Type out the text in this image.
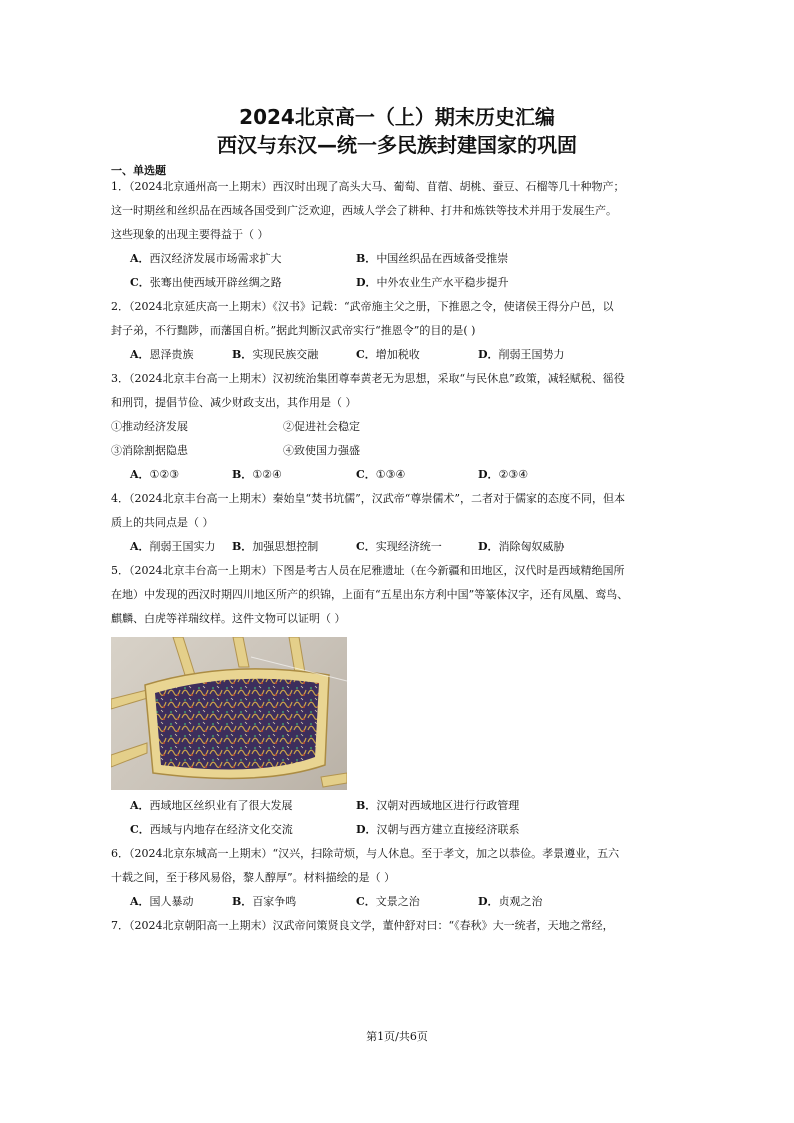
2024北京高一（上）期末历史汇编
西汉与东汉—统一多民族封建国家的巩固
一、单选题
1．（2024北京通州高一上期末）西汉时出现了高头大马、葡萄、苜蓿、胡桃、蚕豆、石榴等几十种物产；
这一时期丝和丝织品在西域各国受到广泛欢迎，西域人学会了耕种、打井和炼铁等技术并用于发展生产。
这些现象的出现主要得益于（ ）
A．西汉经济发展市场需求扩大	B．中国丝织品在西域备受推崇
C．张骞出使西域开辟丝绸之路	D．中外农业生产水平稳步提升
2．（2024北京延庆高一上期末）《汉书》记载：“武帝施主父之册，下推恩之令，使诸侯王得分户邑，以
封子弟，不行黜陟，而藩国自析。”据此判断汉武帝实行“推恩令”的目的是( )
A．恩泽贵族	B．实现民族交融	C．增加税收	D．削弱王国势力
3．（2024北京丰台高一上期末）汉初统治集团尊奉黄老无为思想，采取“与民休息”政策，减轻赋税、徭役
和刑罚，提倡节俭、减少财政支出，其作用是（ ）
①推动经济发展	②促进社会稳定
③消除割据隐患	④致使国力强盛
A．①②③	B．①②④	C．①③④	D．②③④
4．（2024北京丰台高一上期末）秦始皇“焚书坑儒”，汉武帝“尊崇儒术”，二者对于儒家的态度不同，但本
质上的共同点是（ ）
A．削弱王国实力 B．加强思想控制	C．实现经济统一	D．消除匈奴威胁
5．（2024北京丰台高一上期末）下图是考古人员在尼雅遗址（在今新疆和田地区，汉代时是西域精绝国所
在地）中发现的西汉时期四川地区所产的织锦，上面有“五星出东方利中国”等篆体汉字，还有凤凰、鸾鸟、
麒麟、白虎等祥瑞纹样。这件文物可以证明（ ）
A．西域地区丝织业有了很大发展	B．汉朝对西域地区进行行政管理
C．西域与内地存在经济文化交流	D．汉朝与西方建立直接经济联系
6．（2024北京东城高一上期末）“汉兴，扫除苛烦，与人休息。至于孝文，加之以恭俭。孝景遵业，五六
十载之间，至于移风易俗，黎人醇厚”。材料描绘的是（ ）
A．国人暴动	B．百家争鸣	C．文景之治	D．贞观之治
7．（2024北京朝阳高一上期末）汉武帝问策贤良文学，董仲舒对曰：“《春秋》大一统者，天地之常经，
第1页/共6页
